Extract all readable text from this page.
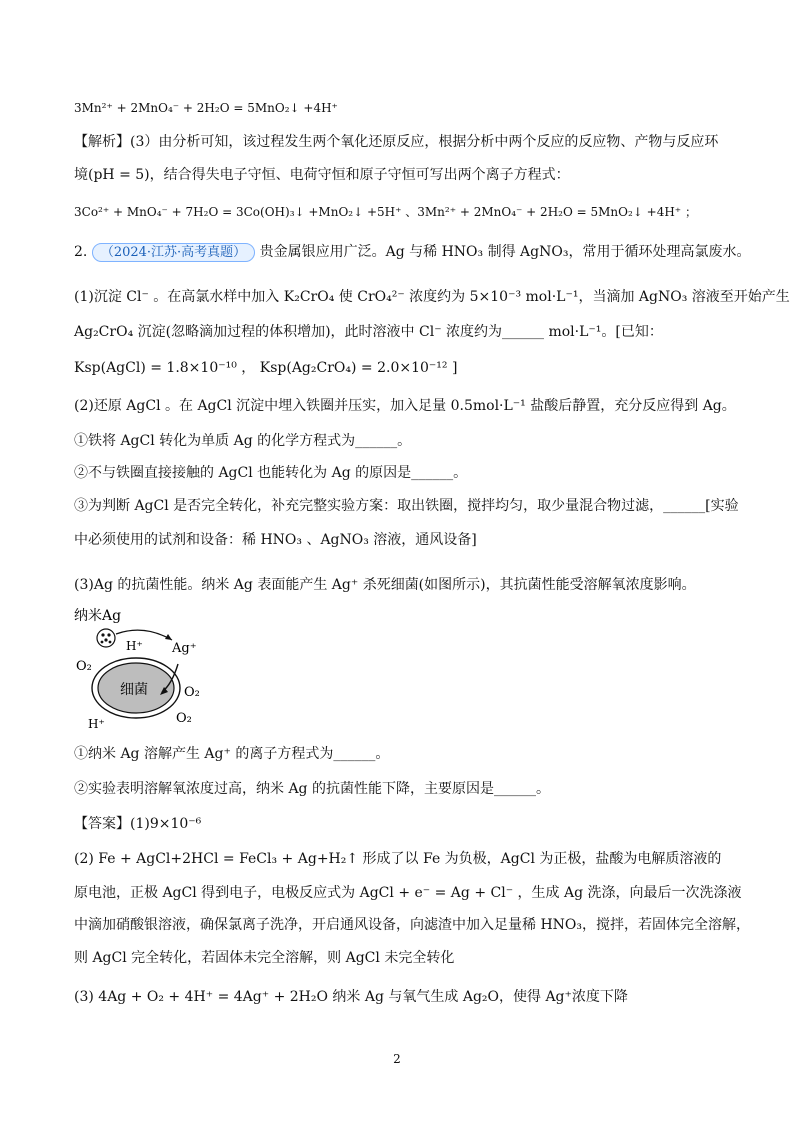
3Mn²⁺ + 2MnO₄⁻ + 2H₂O = 5MnO₂↓ +4H⁺
【解析】(3）由分析可知，该过程发生两个氧化还原反应，根据分析中两个反应的反应物、产物与反应环
境(pH = 5)，结合得失电子守恒、电荷守恒和原子守恒可写出两个离子方程式：
3Co²⁺ + MnO₄⁻ + 7H₂O = 3Co(OH)₃↓ +MnO₂↓ +5H⁺ 、3Mn²⁺ + 2MnO₄⁻ + 2H₂O = 5MnO₂↓ +4H⁺ ；
2. （2024·江苏·高考真题） 贵金属银应用广泛。Ag 与稀 HNO₃ 制得 AgNO₃，常用于循环处理高氯废水。
(1)沉淀 Cl⁻ 。在高氯水样中加入 K₂CrO₄ 使 CrO₄²⁻ 浓度约为 5×10⁻³ mol·L⁻¹，当滴加 AgNO₃ 溶液至开始产生
Ag₂CrO₄ 沉淀(忽略滴加过程的体积增加)，此时溶液中 Cl⁻ 浓度约为______ mol·L⁻¹。[已知：
Ksp(AgCl) = 1.8×10⁻¹⁰ ， Ksp(Ag₂CrO₄) = 2.0×10⁻¹² ]
(2)还原 AgCl 。在 AgCl 沉淀中埋入铁圈并压实，加入足量 0.5mol·L⁻¹ 盐酸后静置，充分反应得到 Ag。
①铁将 AgCl 转化为单质 Ag 的化学方程式为______。
②不与铁圈直接接触的 AgCl 也能转化为 Ag 的原因是______。
③为判断 AgCl 是否完全转化，补充完整实验方案：取出铁圈，搅拌均匀，取少量混合物过滤，______[实验
中必须使用的试剂和设备：稀 HNO₃ 、AgNO₃ 溶液，通风设备]
(3)Ag 的抗菌性能。纳米 Ag 表面能产生 Ag⁺ 杀死细菌(如图所示)，其抗菌性能受溶解氧浓度影响。
纳米Ag
H⁺ Ag⁺
O₂
细菌	O₂
O₂
H⁺
①纳米 Ag 溶解产生 Ag⁺ 的离子方程式为______。
②实验表明溶解氧浓度过高，纳米 Ag 的抗菌性能下降，主要原因是______。
【答案】(1)9×10⁻⁶
(2) Fe + AgCl+2HCl = FeCl₃ + Ag+H₂↑ 形成了以 Fe 为负极，AgCl 为正极，盐酸为电解质溶液的
原电池，正极 AgCl 得到电子，电极反应式为 AgCl + e⁻ = Ag + Cl⁻ ，生成 Ag 洗涤，向最后一次洗涤液
中滴加硝酸银溶液，确保氯离子洗净，开启通风设备，向滤渣中加入足量稀 HNO₃，搅拌，若固体完全溶解，
则 AgCl 完全转化，若固体未完全溶解，则 AgCl 未完全转化
(3) 4Ag + O₂ + 4H⁺ = 4Ag⁺ + 2H₂O 纳米 Ag 与氧气生成 Ag₂O，使得 Ag⁺浓度下降
2
